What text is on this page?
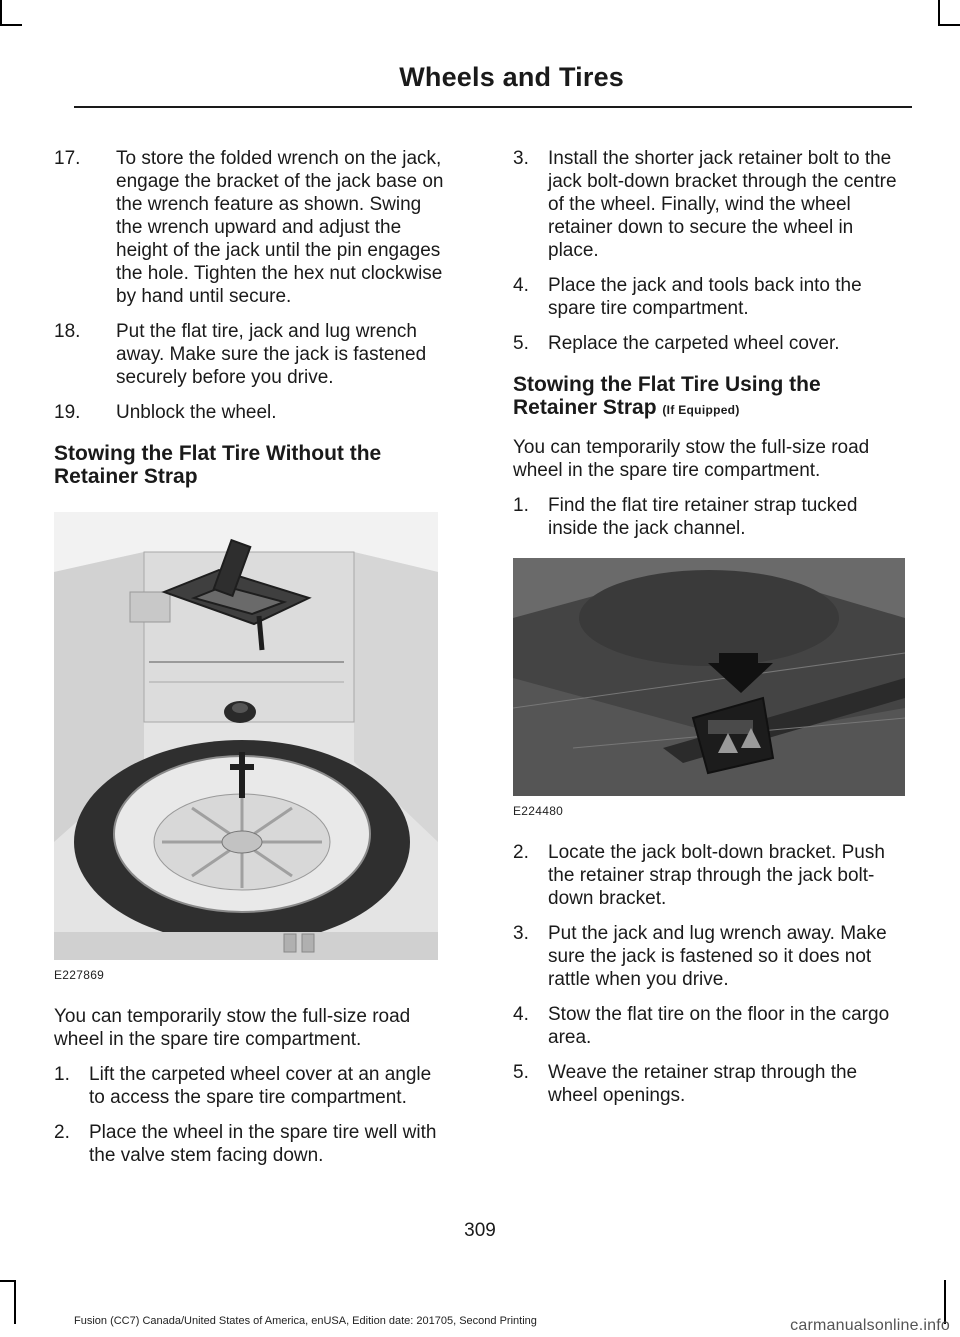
Wheels and Tires
17. To store the folded wrench on the jack, engage the bracket of the jack base on the wrench feature as shown. Swing the wrench upward and adjust the height of the jack until the pin engages the hole. Tighten the hex nut clockwise by hand until secure.
18. Put the flat tire, jack and lug wrench away. Make sure the jack is fastened securely before you drive.
19. Unblock the wheel.
Stowing the Flat Tire Without the Retainer Strap
E227869
You can temporarily stow the full-size road wheel in the spare tire compartment.
1. Lift the carpeted wheel cover at an angle to access the spare tire compartment.
2. Place the wheel in the spare tire well with the valve stem facing down.
3. Install the shorter jack retainer bolt to the jack bolt-down bracket through the centre of the wheel. Finally, wind the wheel retainer down to secure the wheel in place.
4. Place the jack and tools back into the spare tire compartment.
5. Replace the carpeted wheel cover.
Stowing the Flat Tire Using the Retainer Strap (If Equipped)
You can temporarily stow the full-size road wheel in the spare tire compartment.
1. Find the flat tire retainer strap tucked inside the jack channel.
E224480
2. Locate the jack bolt-down bracket. Push the retainer strap through the jack bolt-down bracket.
3. Put the jack and lug wrench away. Make sure the jack is fastened so it does not rattle when you drive.
4. Stow the flat tire on the floor in the cargo area.
5. Weave the retainer strap through the wheel openings.
309
Fusion (CC7) Canada/United States of America, enUSA, Edition date: 201705, Second Printing	carmanualsonline.info
